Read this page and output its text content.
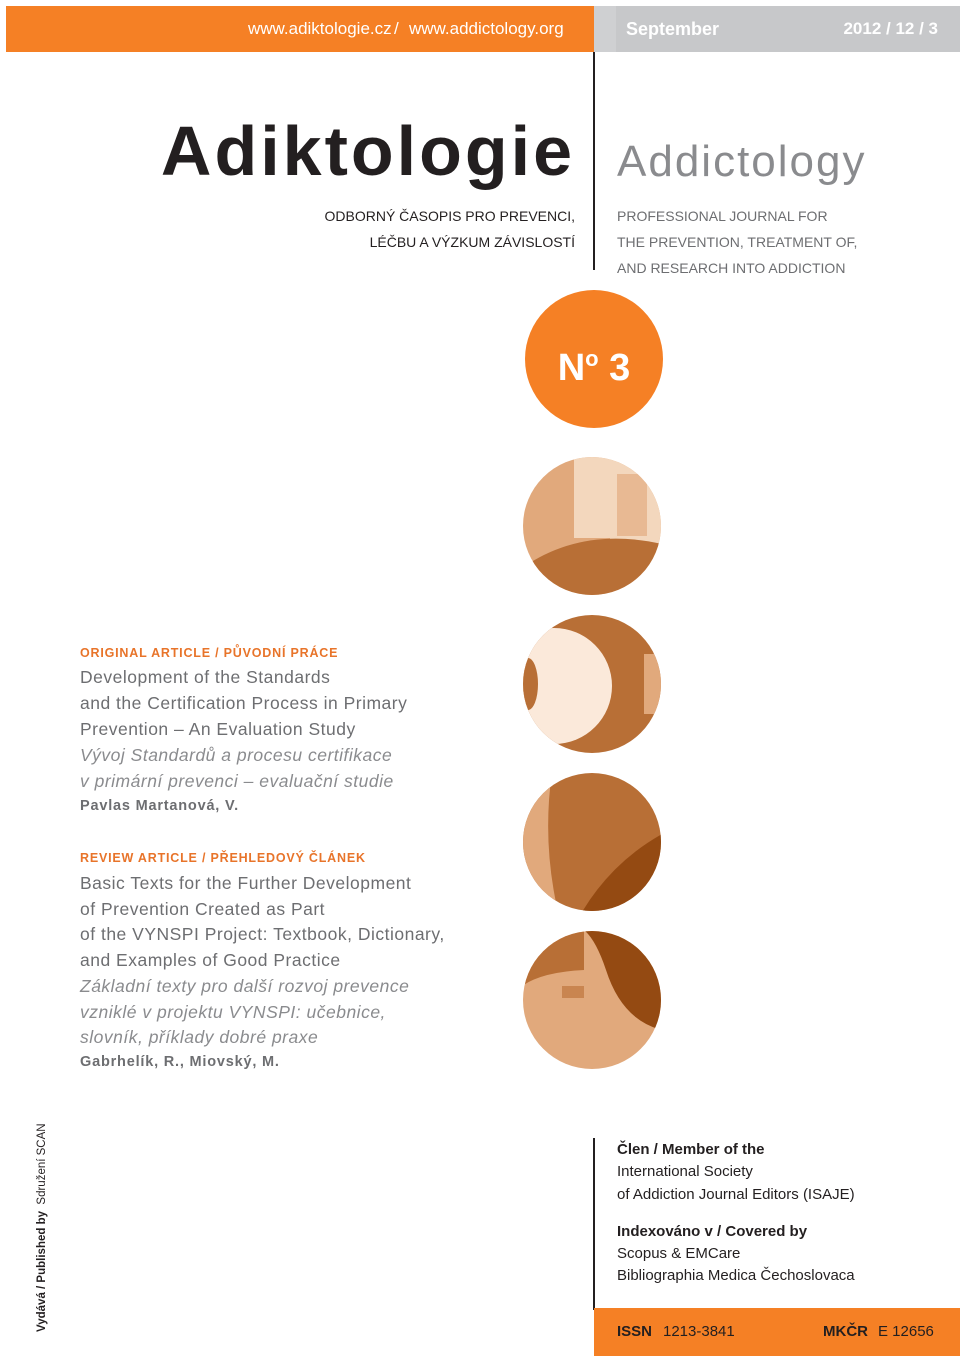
www.adiktologie.cz / www.addictology.org	September	2012 / 12 / 3
Adiktologie Addictology
ODBORNÝ ČASOPIS PRO PREVENCI,
LÉČBU A VÝZKUM ZÁVISLOSTÍ
PROFESSIONAL JOURNAL FOR
THE PREVENTION, TREATMENT OF,
AND RESEARCH INTO ADDICTION
$N^o$ 3
ORIGINAL ARTICLE / PŮVODNÍ PRÁCE
Development of the Standards
and the Certification Process in Primary
Prevention – An Evaluation Study
Vývoj Standardů a procesu certifikace
v primární prevenci – evaluační studie
Pavlas Martanová, V.
REVIEW ARTICLE / PŘEHLEDOVÝ ČLÁNEK
Basic Texts for the Further Development
of Prevention Created as Part
of the VYNSPI Project: Textbook, Dictionary,
and Examples of Good Practice
Základní texty pro další rozvoj prevence
vzniklé v projektu VYNSPI: učebnice,
slovník, příklady dobré praxe
Gabrhelík, R., Miovský, M.
Vydává / Published by  Sdružení SCAN	Člen / Member of the
International Society
of Addiction Journal Editors (ISAJE)
Indexováno v / Covered by
Scopus & EMCare
Bibliographia Medica Čechoslovaca
ISSN 1213-3841	MKČR E 12656
